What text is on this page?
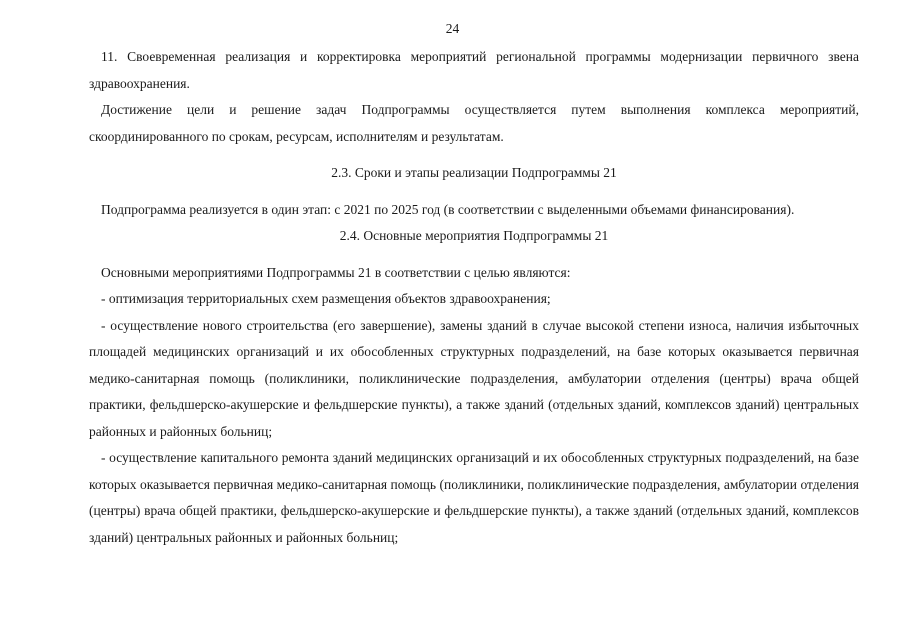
24

11. Своевременная реализация и корректировка мероприятий региональной программы модернизации первичного звена здравоохранения.

Достижение цели и решение задач Подпрограммы осуществляется путем выполнения комплекса мероприятий, скоординированного по срокам, ресурсам, исполнителям и результатам.

2.3. Сроки и этапы реализации Подпрограммы 21

Подпрограмма реализуется в один этап: с 2021 по 2025 год (в соответствии с выделенными объемами финансирования).

2.4. Основные мероприятия Подпрограммы 21

Основными мероприятиями Подпрограммы 21 в соответствии с целью являются:

- оптимизация территориальных схем размещения объектов здравоохранения;

- осуществление нового строительства (его завершение), замены зданий в случае высокой степени износа, наличия избыточных площадей медицинских организаций и их обособленных структурных подразделений, на базе которых оказывается первичная медико-санитарная помощь (поликлиники, поликлинические подразделения, амбулатории отделения (центры) врача общей практики, фельдшерско-акушерские и фельдшерские пункты), а также зданий (отдельных зданий, комплексов зданий) центральных районных и районных больниц;

- осуществление капитального ремонта зданий медицинских организаций и их обособленных структурных подразделений, на базе которых оказывается первичная медико-санитарная помощь (поликлиники, поликлинические подразделения, амбулатории отделения (центры) врача общей практики, фельдшерско-акушерские и фельдшерские пункты), а также зданий (отдельных зданий, комплексов зданий) центральных районных и районных больниц;
